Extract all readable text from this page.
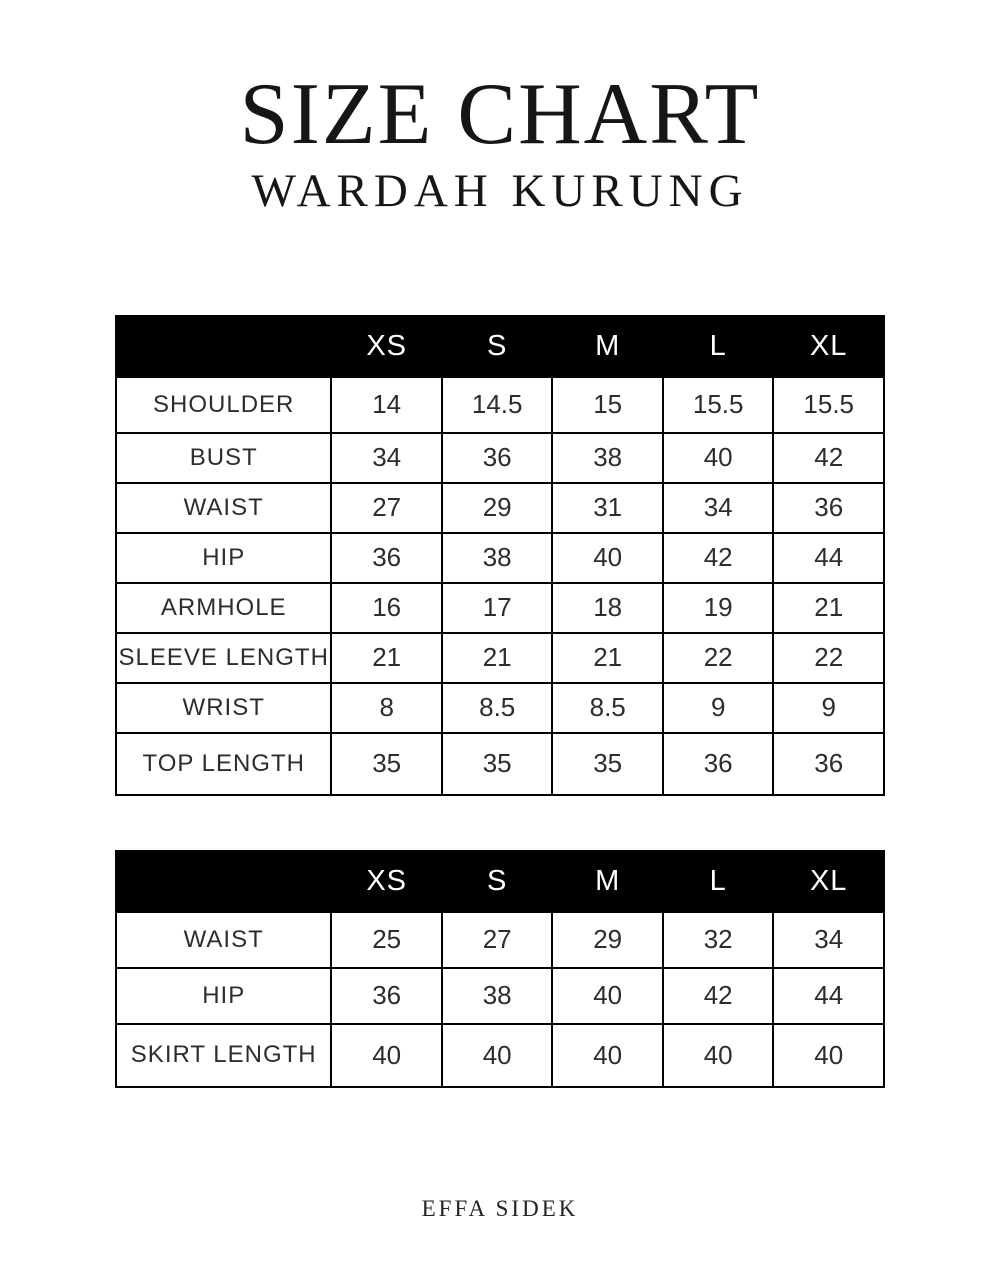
SIZE CHART
WARDAH KURUNG
	XS	S	M	L	XL
SHOULDER	14	14.5	15	15.5	15.5
BUST	34	36	38	40	42
WAIST	27	29	31	34	36
HIP	36	38	40	42	44
ARMHOLE	16	17	18	19	21
SLEEVE LENGTH	21	21	21	22	22
WRIST	8	8.5	8.5	9	9
TOP LENGTH	35	35	35	36	36
	XS	S	M	L	XL
WAIST	25	27	29	32	34
HIP	36	38	40	42	44
SKIRT LENGTH	40	40	40	40	40
EFFA SIDEK
